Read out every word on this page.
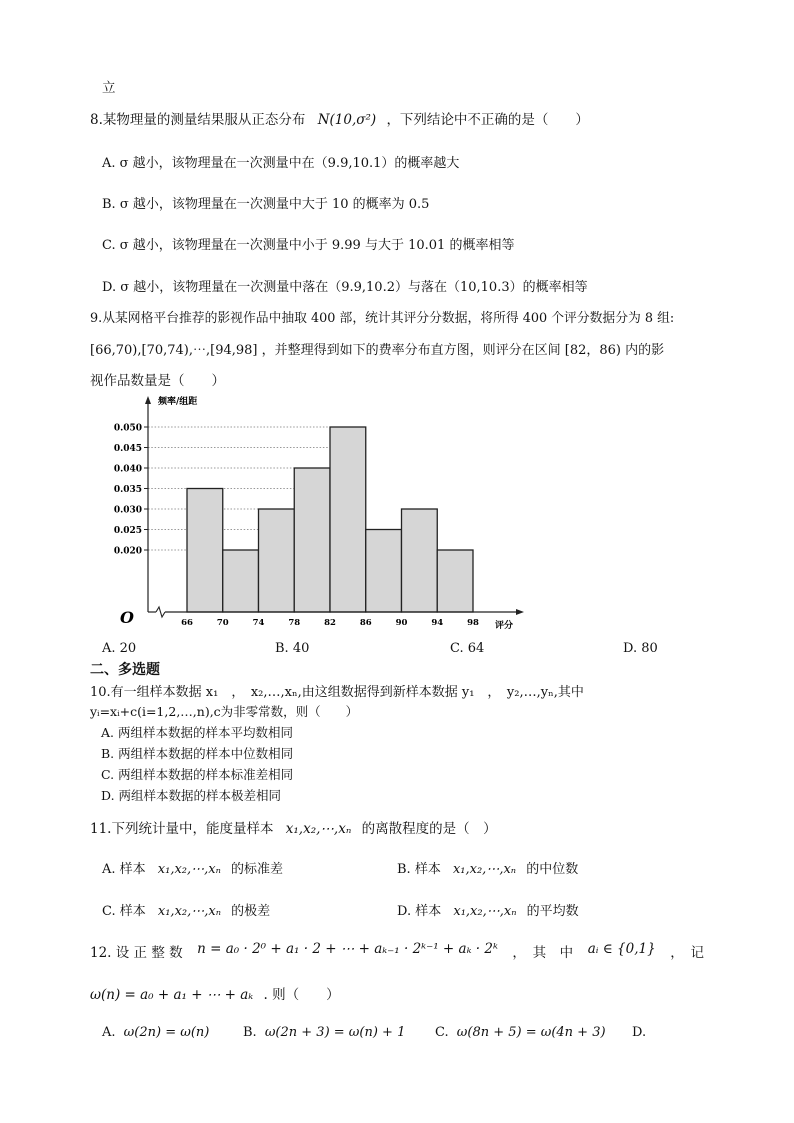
立
8.某物理量的测量结果服从正态分布 N(10,σ²) ，下列结论中不正确的是（　　）
A. σ 越小，该物理量在一次测量中在（9.9,10.1）的概率越大
B. σ 越小，该物理量在一次测量中大于 10 的概率为 0.5
C. σ 越小，该物理量在一次测量中小于 9.99 与大于 10.01 的概率相等
D. σ 越小，该物理量在一次测量中落在（9.9,10.2）与落在（10,10.3）的概率相等
9.从某网格平台推荐的影视作品中抽取 400 部，统计其评分分数据，将所得 400 个评分数据分为 8 组:
[66,70),[70,74),⋯,[94,98] ，并整理得到如下的费率分布直方图，则评分在区间 [82，86) 内的影
视作品数量是（　　）
频率/组距
评分
O
0.050
0.045
0.040
0.035
0.030
0.025
0.020
66	70	74	78	82	86	90	94	98
A. 20	B. 40	C. 64	D. 80
二、多选题
10.有一组样本数据 x₁　，　x₂,…,xₙ,由这组数据得到新样本数据 y₁　，　y₂,…,yₙ,其中
yᵢ=xᵢ+c(i=1,2,…,n),c为非零常数，则（　　）
A. 两组样本数据的样本平均数相同
B. 两组样本数据的样本中位数相同
C. 两组样本数据的样本标准差相同
D. 两组样本数据的样本极差相同
11.下列统计量中，能度量样本 x₁,x₂,⋯,xₙ 的离散程度的是（　）
A. 样本 x₁,x₂,⋯,xₙ 的标准差	B. 样本 x₁,x₂,⋯,xₙ 的中位数
C. 样本 x₁,x₂,⋯,xₙ 的极差	D. 样本 x₁,x₂,⋯,xₙ 的平均数
12. 设 正 整 数 n = a₀ · 2⁰ + a₁ · 2 + ⋯ + aₖ₋₁ · 2ᵏ⁻¹ + aₖ · 2ᵏ ，　其　中 aᵢ ∈ {0,1} ，　记
ω(n) = a₀ + a₁ + ⋯ + aₖ . 则（　　）
A. ω(2n) = ω(n)	B. ω(2n + 3) = ω(n) + 1 C. ω(8n + 5) = ω(4n + 3) D.
